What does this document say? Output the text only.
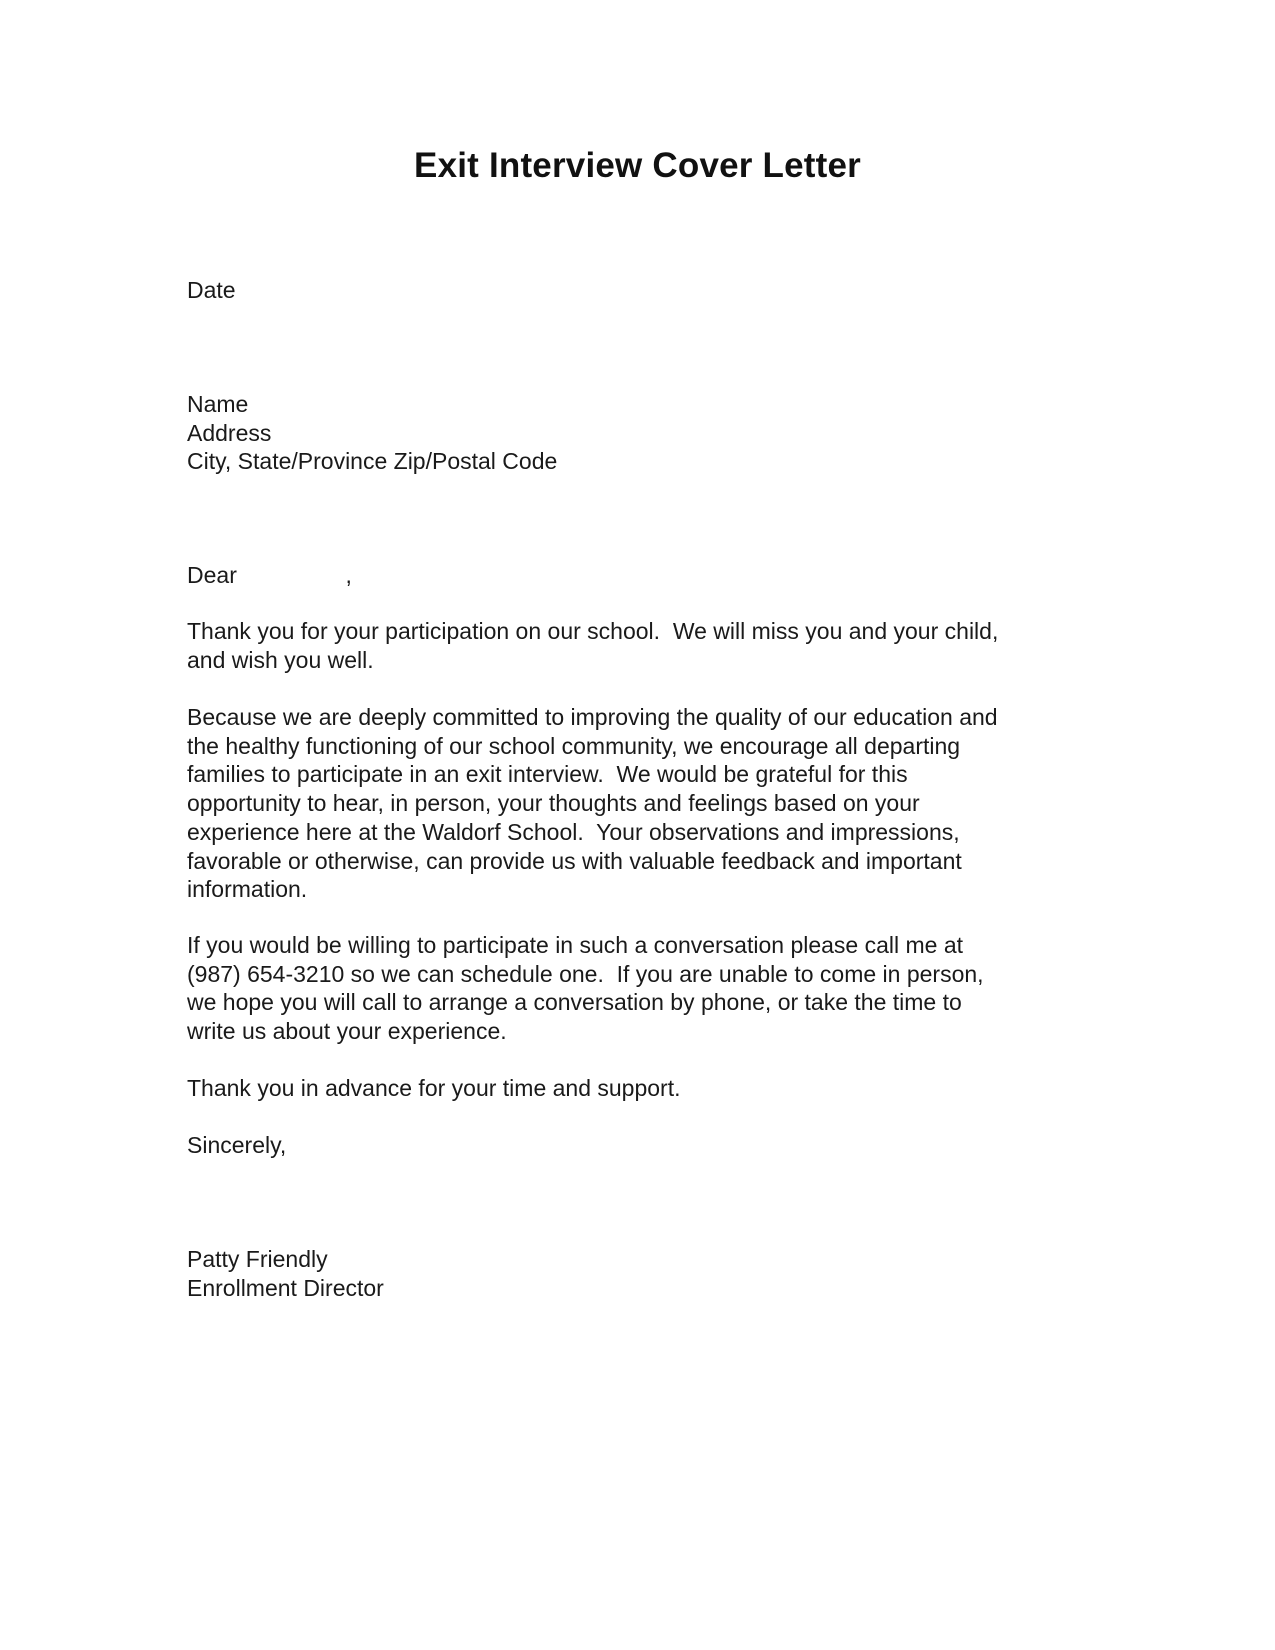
Exit Interview Cover Letter
Date
Name
Address
City, State/Province Zip/Postal Code
Dear                 ,
Thank you for your participation on our school.  We will miss you and your child,
and wish you well.
Because we are deeply committed to improving the quality of our education and
the healthy functioning of our school community, we encourage all departing
families to participate in an exit interview.  We would be grateful for this
opportunity to hear, in person, your thoughts and feelings based on your
experience here at the Waldorf School.  Your observations and impressions,
favorable or otherwise, can provide us with valuable feedback and important
information.
If you would be willing to participate in such a conversation please call me at
(987) 654-3210 so we can schedule one.  If you are unable to come in person,
we hope you will call to arrange a conversation by phone, or take the time to
write us about your experience.
Thank you in advance for your time and support.
Sincerely,
Patty Friendly
Enrollment Director
